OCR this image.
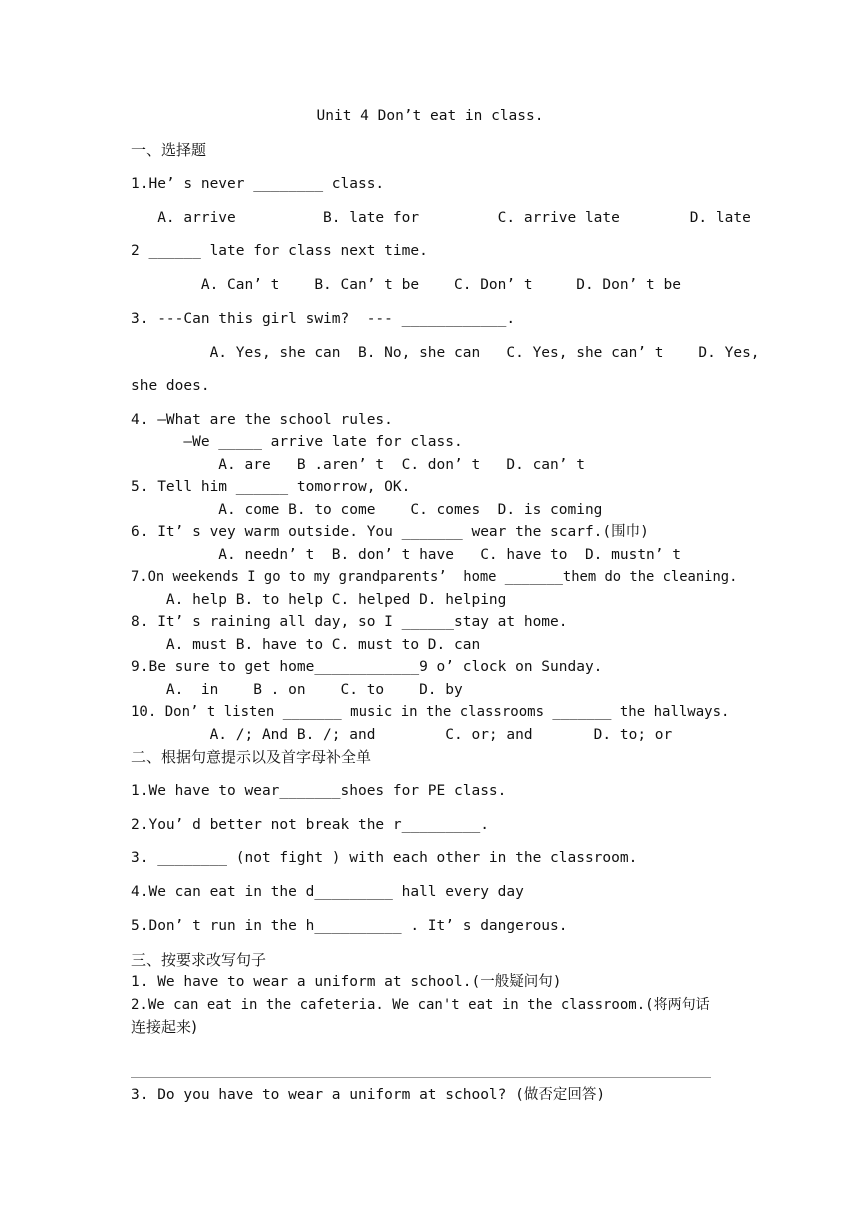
Unit 4 Don’t eat in class.
一、选择题
1.He’ s never ________ class.
A. arrive          B. late for         C. arrive late        D. late
2 ______ late for class next time.
A. Can’ t    B. Can’ t be    C. Don’ t     D. Don’ t be
3. ---Can this girl swim?  --- ____________.
A. Yes, she can  B. No, she can   C. Yes, she can’ t    D. Yes,
she does.
4. —What are the school rules.
—We _____ arrive late for class.
A. are   B .aren’ t  C. don’ t   D. can’ t
5. Tell him ______ tomorrow, OK.
A. come B. to come    C. comes  D. is coming
6. It’ s vey warm outside. You _______ wear the scarf.(围巾)
A. needn’ t  B. don’ t have   C. have to  D. mustn’ t
7.On weekends I go to my grandparents’  home _______them do the cleaning.
A. help B. to help C. helped D. helping
8. It’ s raining all day, so I ______stay at home.
A. must B. have to C. must to D. can
9.Be sure to get home____________9 o’ clock on Sunday.
A.  in    B . on    C. to    D. by
10. Don’ t listen _______ music in the classrooms _______ the hallways.
A. /; And B. /; and        C. or; and       D. to; or
二、根据句意提示以及首字母补全单
1.We have to wear_______shoes for PE class.
2.You’ d better not break the r_________.
3. ________ (not fight ) with each other in the classroom.
4.We can eat in the d_________ hall every day
5.Don’ t run in the h__________ . It’ s dangerous.
三、按要求改写句子
1. We have to wear a uniform at school.(一般疑问句)
2.We can eat in the cafeteria. We can't eat in the classroom.(将两句话
连接起来)
3. Do you have to wear a uniform at school? (做否定回答)
